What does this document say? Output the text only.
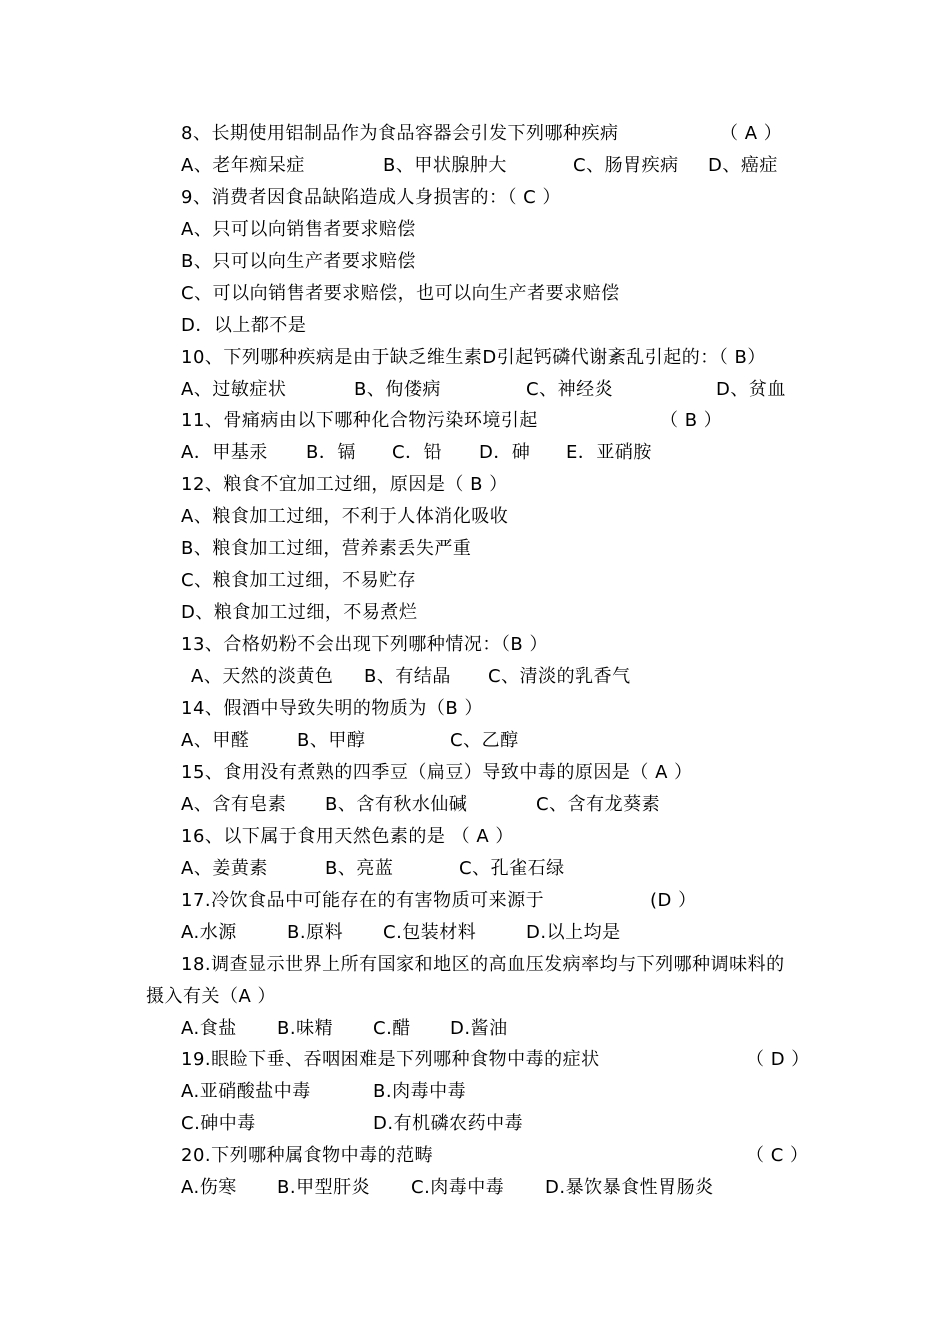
8、长期使用铝制品作为食品容器会引发下列哪种疾病	（ A ）
A、老年痴呆症	B、甲状腺肿大	C、肠胃疾病 D、癌症
9、消费者因食品缺陷造成人身损害的：（ C ）
A、只可以向销售者要求赔偿
B、只可以向生产者要求赔偿
C、可以向销售者要求赔偿，也可以向生产者要求赔偿
D．以上都不是
10、下列哪种疾病是由于缺乏维生素D引起钙磷代谢紊乱引起的：（ B）
A、过敏症状	B、佝偻病	C、神经炎	D、贫血
11、骨痛病由以下哪种化合物污染环境引起	（ B ）
A．甲基汞 B．镉 C．铅 D．砷 E．亚硝胺
12、粮食不宜加工过细，原因是（ B ）
A、粮食加工过细，不利于人体消化吸收
B、粮食加工过细，营养素丢失严重
C、粮食加工过细，不易贮存
D、粮食加工过细，不易煮烂
13、合格奶粉不会出现下列哪种情况：（B ）
A、天然的淡黄色 B、有结晶 C、清淡的乳香气
14、假酒中导致失明的物质为（B ）
A、甲醛	B、甲醇	C、乙醇
15、食用没有煮熟的四季豆（扁豆）导致中毒的原因是（ A ）
A、含有皂素 B、含有秋水仙碱	C、含有龙葵素
16、以下属于食用天然色素的是 （ A ）
A、姜黄素	B、亮蓝	C、孔雀石绿
17.冷饮食品中可能存在的有害物质可来源于	(D ）
A.水源	B.原料 C.包装材料	D.以上均是
18.调查显示世界上所有国家和地区的高血压发病率均与下列哪种调味料的
摄入有关（A ）
A.食盐 B.味精 C.醋 D.酱油
19.眼睑下垂、吞咽困难是下列哪种食物中毒的症状	（ D ）
A.亚硝酸盐中毒	B.肉毒中毒
C.砷中毒	D.有机磷农药中毒
20.下列哪种属食物中毒的范畴	（ C ）
A.伤寒 B.甲型肝炎 C.肉毒中毒 D.暴饮暴食性胃肠炎
